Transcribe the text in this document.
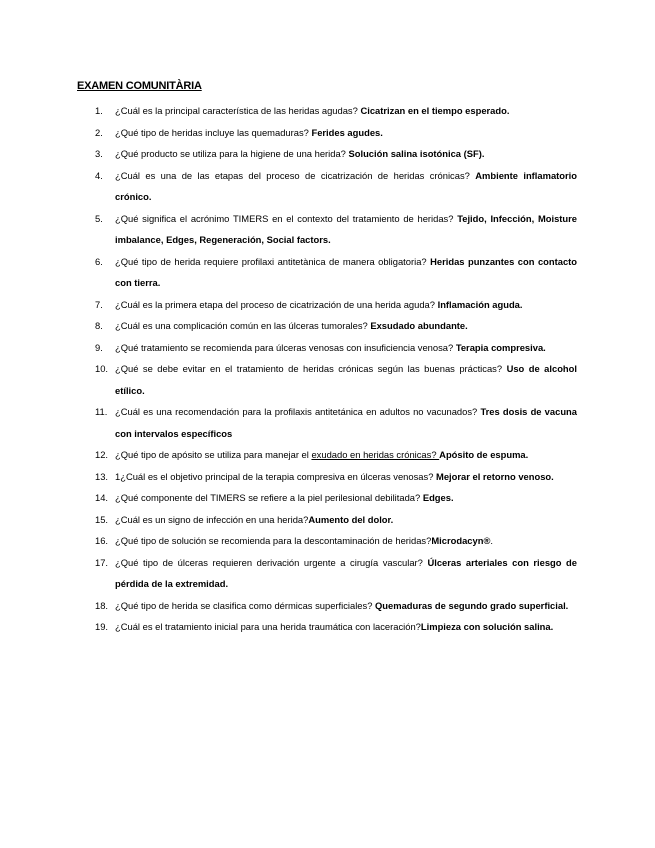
EXAMEN COMUNITÀRIA
1.	¿Cuál es la principal característica de las heridas agudas? Cicatrizan en el tiempo esperado.
2.	¿Qué tipo de heridas incluye las quemaduras? Ferides agudes.
3.	¿Qué producto se utiliza para la higiene de una herida? Solución salina isotónica (SF).
4.	¿Cuál es una de las etapas del proceso de cicatrización de heridas crónicas? Ambiente inflamatorio crónico.
5.	¿Qué significa el acrónimo TIMERS en el contexto del tratamiento de heridas? Tejido, Infección, Moisture imbalance, Edges, Regeneración, Social factors.
6.	¿Qué tipo de herida requiere profilaxi antitetànica de manera obligatoria? Heridas punzantes con contacto con tierra.
7.	¿Cuál es la primera etapa del proceso de cicatrización de una herida aguda? Inflamación aguda.
8.	¿Cuál es una complicación común en las úlceras tumorales? Exsudado abundante.
9.	¿Qué tratamiento se recomienda para úlceras venosas con insuficiencia venosa? Terapia compresiva.
10. ¿Qué se debe evitar en el tratamiento de heridas crónicas según las buenas prácticas? Uso de alcohol etílico.
11. ¿Cuál es una recomendación para la profilaxis antitetánica en adultos no vacunados? Tres dosis de vacuna con intervalos específicos
12. ¿Qué tipo de apósito se utiliza para manejar el exudado en heridas crónicas? Apósito de espuma.
13. 1¿Cuál es el objetivo principal de la terapia compresiva en úlceras venosas? Mejorar el retorno venoso.
14. ¿Qué componente del TIMERS se refiere a la piel perilesional debilitada? Edges.
15. ¿Cuál es un signo de infección en una herida?Aumento del dolor.
16. ¿Qué tipo de solución se recomienda para la descontaminación de heridas?Microdacyn®.
17. ¿Qué tipo de úlceras requieren derivación urgente a cirugía vascular? Úlceras arteriales con riesgo de pérdida de la extremidad.
18. ¿Qué tipo de herida se clasifica como dérmicas superficiales? Quemaduras de segundo grado superficial.
19. ¿Cuál es el tratamiento inicial para una herida traumática con laceración?Limpieza con solución salina.
